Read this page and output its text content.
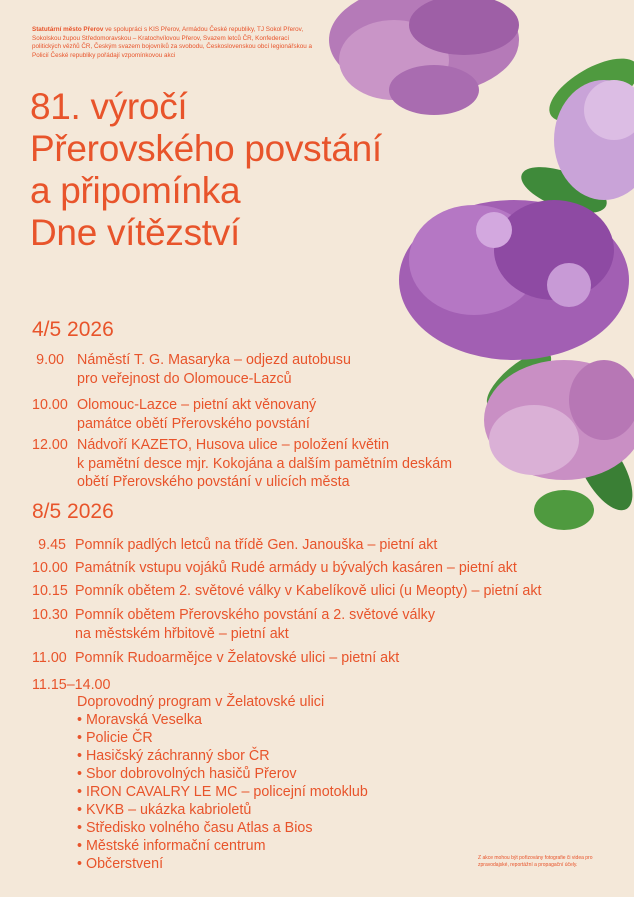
Statutární město Přerov ve spolupráci s KIS Přerov, Armádou České republiky, TJ Sokol Přerov, Sokolskou župou Středomoravskou – Kratochvílovou Přerov, Svazem letců ČR, Konfederací politických vězňů ČR, Českým svazem bojovníků za svobodu, Československou obcí legionářskou a Policií České republiky pořádají vzpomínkovou akci
81. výročí
Přerovského povstání
a připomínka
Dne vítězství
4/5 2026
9.00 Náměstí T. G. Masaryka – odjezd autobusu
pro veřejnost do Olomouce-Lazců
10.00 Olomouc-Lazce – pietní akt věnovaný
památce obětí Přerovského povstání
12.00 Nádvoří KAZETO, Husova ulice – položení květin
k pamětní desce mjr. Kokojána a dalším pamětním deskám
obětí Přerovského povstání v ulicích města
8/5 2026
9.45 Pomník padlých letců na třídě Gen. Janouška – pietní akt
10.00 Památník vstupu vojáků Rudé armády u bývalých kasáren – pietní akt
10.15 Pomník obětem 2. světové války v Kabelíkově ulici (u Meopty) – pietní akt
10.30 Pomník obětem Přerovského povstání a 2. světové války
na městském hřbitově – pietní akt
11.00 Pomník Rudoarmějce v Želatovské ulici – pietní akt
11.15–14.00
Doprovodný program v Želatovské ulici
• Moravská Veselka
• Policie ČR
• Hasičský záchranný sbor ČR
• Sbor dobrovolných hasičů Přerov
• IRON CAVALRY LE MC – policejní motoklub
• KVKB – ukázka kabrioletů
• Středisko volného času Atlas a Bios
• Městské informační centrum
• Občerstvení	Z akce mohou být pořizovány fotografie či videa pro zpravodajské, reportážní a propagační účely.
